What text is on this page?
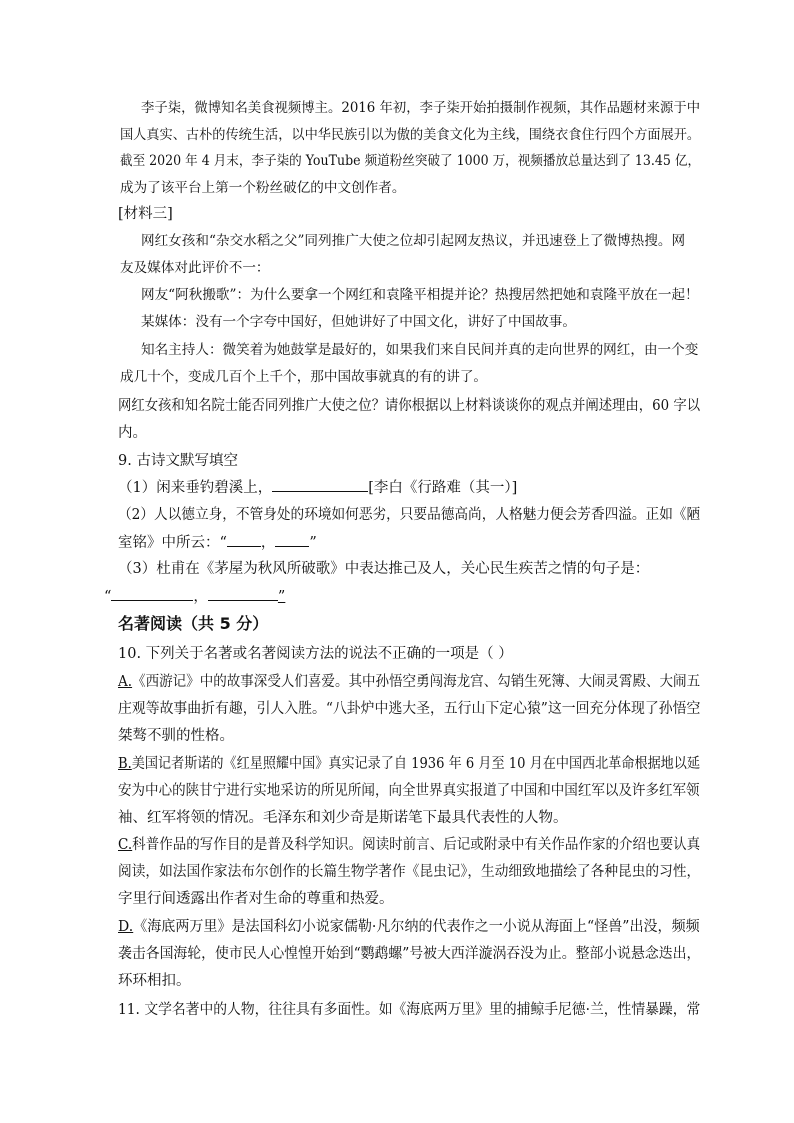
李子柒，微博知名美食视频博主。2016 年初，李子柒开始拍摄制作视频，其作品题材来源于中
国人真实、古朴的传统生活，以中华民族引以为傲的美食文化为主线，围绕衣食住行四个方面展开。
截至 2020 年 4 月末，李子柒的 YouTube 频道粉丝突破了 1000 万，视频播放总量达到了 13.45 亿，
成为了该平台上第一个粉丝破亿的中文创作者。
[材料三]
网红女孩和“杂交水稻之父”同列推广大使之位却引起网友热议，并迅速登上了微博热搜。网
友及媒体对此评价不一：
网友“阿秋搬歌”：为什么要拿一个网红和袁隆平相提并论？热搜居然把她和袁隆平放在一起！
某媒体：没有一个字夸中国好，但她讲好了中国文化，讲好了中国故事。
知名主持人：微笑着为她鼓掌是最好的，如果我们来自民间并真的走向世界的网红，由一个变
成几十个，变成几百个上千个，那中国故事就真的有的讲了。
网红女孩和知名院士能否同列推广大使之位？请你根据以上材料谈谈你的观点并阐述理由，60 字以
内。
9. 古诗文默写填空
（1）闲来垂钓碧溪上，	[李白《行路难（其一）]
（2）人以德立身，不管身处的环境如何恶劣，只要品德高尚，人格魅力便会芳香四溢。正如《陋
室铭》中所云：“ ， ”
（3）杜甫在《茅屋为秋风所破歌》中表达推己及人，关心民生疾苦之情的句子是：
“	，	”
名著阅读（共 5 分）
10. 下列关于名著或名著阅读方法的说法不正确的一项是（ ）
A.《西游记》中的故事深受人们喜爱。其中孙悟空勇闯海龙宫、勾销生死簿、大闹灵霄殿、大闹五
庄观等故事曲折有趣，引人入胜。“八卦炉中逃大圣，五行山下定心猿”这一回充分体现了孙悟空
桀骜不驯的性格。
B.美国记者斯诺的《红星照耀中国》真实记录了自 1936 年 6 月至 10 月在中国西北革命根据地以延
安为中心的陕甘宁进行实地采访的所见所闻，向全世界真实报道了中国和中国红军以及许多红军领
袖、红军将领的情况。毛泽东和刘少奇是斯诺笔下最具代表性的人物。
C.科普作品的写作目的是普及科学知识。阅读时前言、后记或附录中有关作品作家的介绍也要认真
阅读，如法国作家法布尔创作的长篇生物学著作《昆虫记》，生动细致地描绘了各种昆虫的习性，
字里行间透露出作者对生命的尊重和热爱。
D.《海底两万里》是法国科幻小说家儒勒·凡尔纳的代表作之一小说从海面上“怪兽”出没，频频
袭击各国海轮，使市民人心惶惶开始到“鹦鹉螺”号被大西洋漩涡吞没为止。整部小说悬念迭出，
环环相扣。
11. 文学名著中的人物，往往具有多面性。如《海底两万里》里的捕鲸手尼德·兰，性情暴躁，常
